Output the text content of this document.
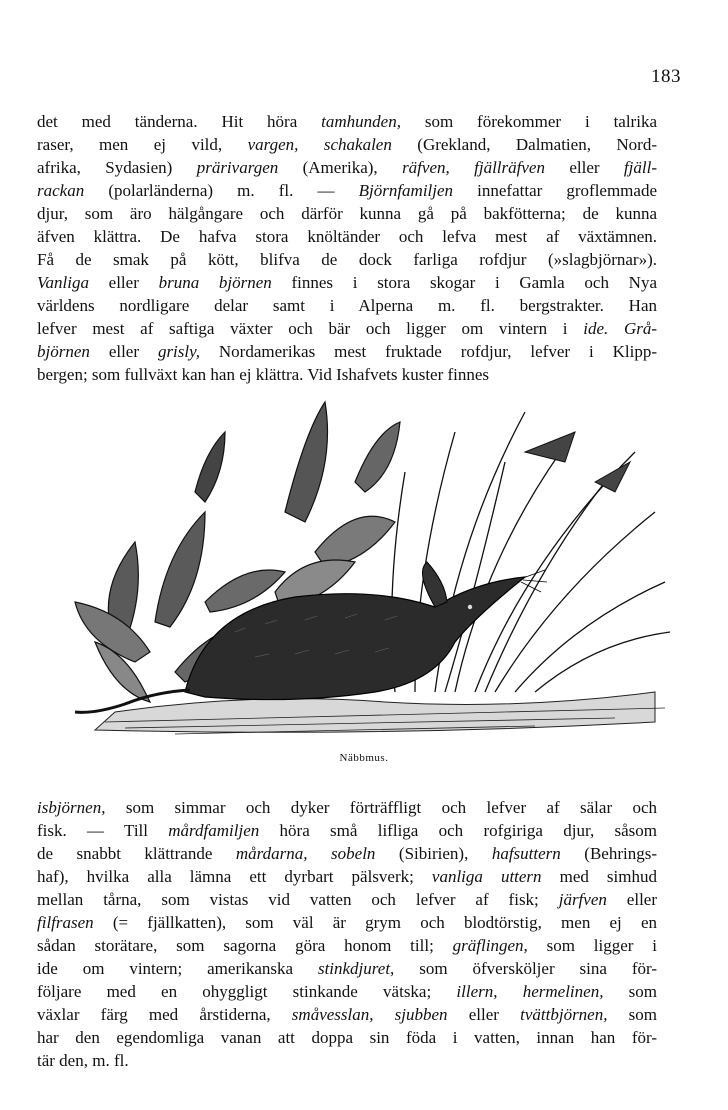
183
det med tänderna. Hit höra tamhunden, som förekommer i talrika
raser, men ej vild, vargen, schakalen (Grekland, Dalmatien, Nord-
afrika, Sydasien) prärivargen (Amerika), räfven, fjällräfven eller fjäll-
rackan (polarländerna) m. fl. — Björnfamiljen innefattar groflemmade
djur, som äro hälgångare och därför kunna gå på bakfötterna; de kunna
äfven klättra. De hafva stora knöltänder och lefva mest af växtämnen.
Få de smak på kött, blifva de dock farliga rofdjur (»slagbjörnar»).
Vanliga eller bruna björnen finnes i stora skogar i Gamla och Nya
världens nordligare delar samt i Alperna m. fl. bergstrakter. Han
lefver mest af saftiga växter och bär och ligger om vintern i ide. Grå-
björnen eller grisly, Nordamerikas mest fruktade rofdjur, lefver i Klipp-
bergen; som fullväxt kan han ej klättra. Vid Ishafvets kuster finnes
Näbbmus.
isbjörnen, som simmar och dyker förträffligt och lefver af sälar och
fisk. — Till mårdfamiljen höra små lifliga och rofgiriga djur, såsom
de snabbt klättrande mårdarna, sobeln (Sibirien), hafsuttern (Behrings-
haf), hvilka alla lämna ett dyrbart pälsverk; vanliga uttern med simhud
mellan tårna, som vistas vid vatten och lefver af fisk; järfven eller
filfrasen (= fjällkatten), som väl är grym och blodtörstig, men ej en
sådan storätare, som sagorna göra honom till; gräflingen, som ligger i
ide om vintern; amerikanska stinkdjuret, som öfversköljer sina för-
följare med en ohyggligt stinkande vätska; illern, hermelinen, som
växlar färg med årstiderna, småvesslan, sjubben eller tvättbjörnen, som
har den egendomliga vanan att doppa sin föda i vatten, innan han för-
tär den, m. fl.
